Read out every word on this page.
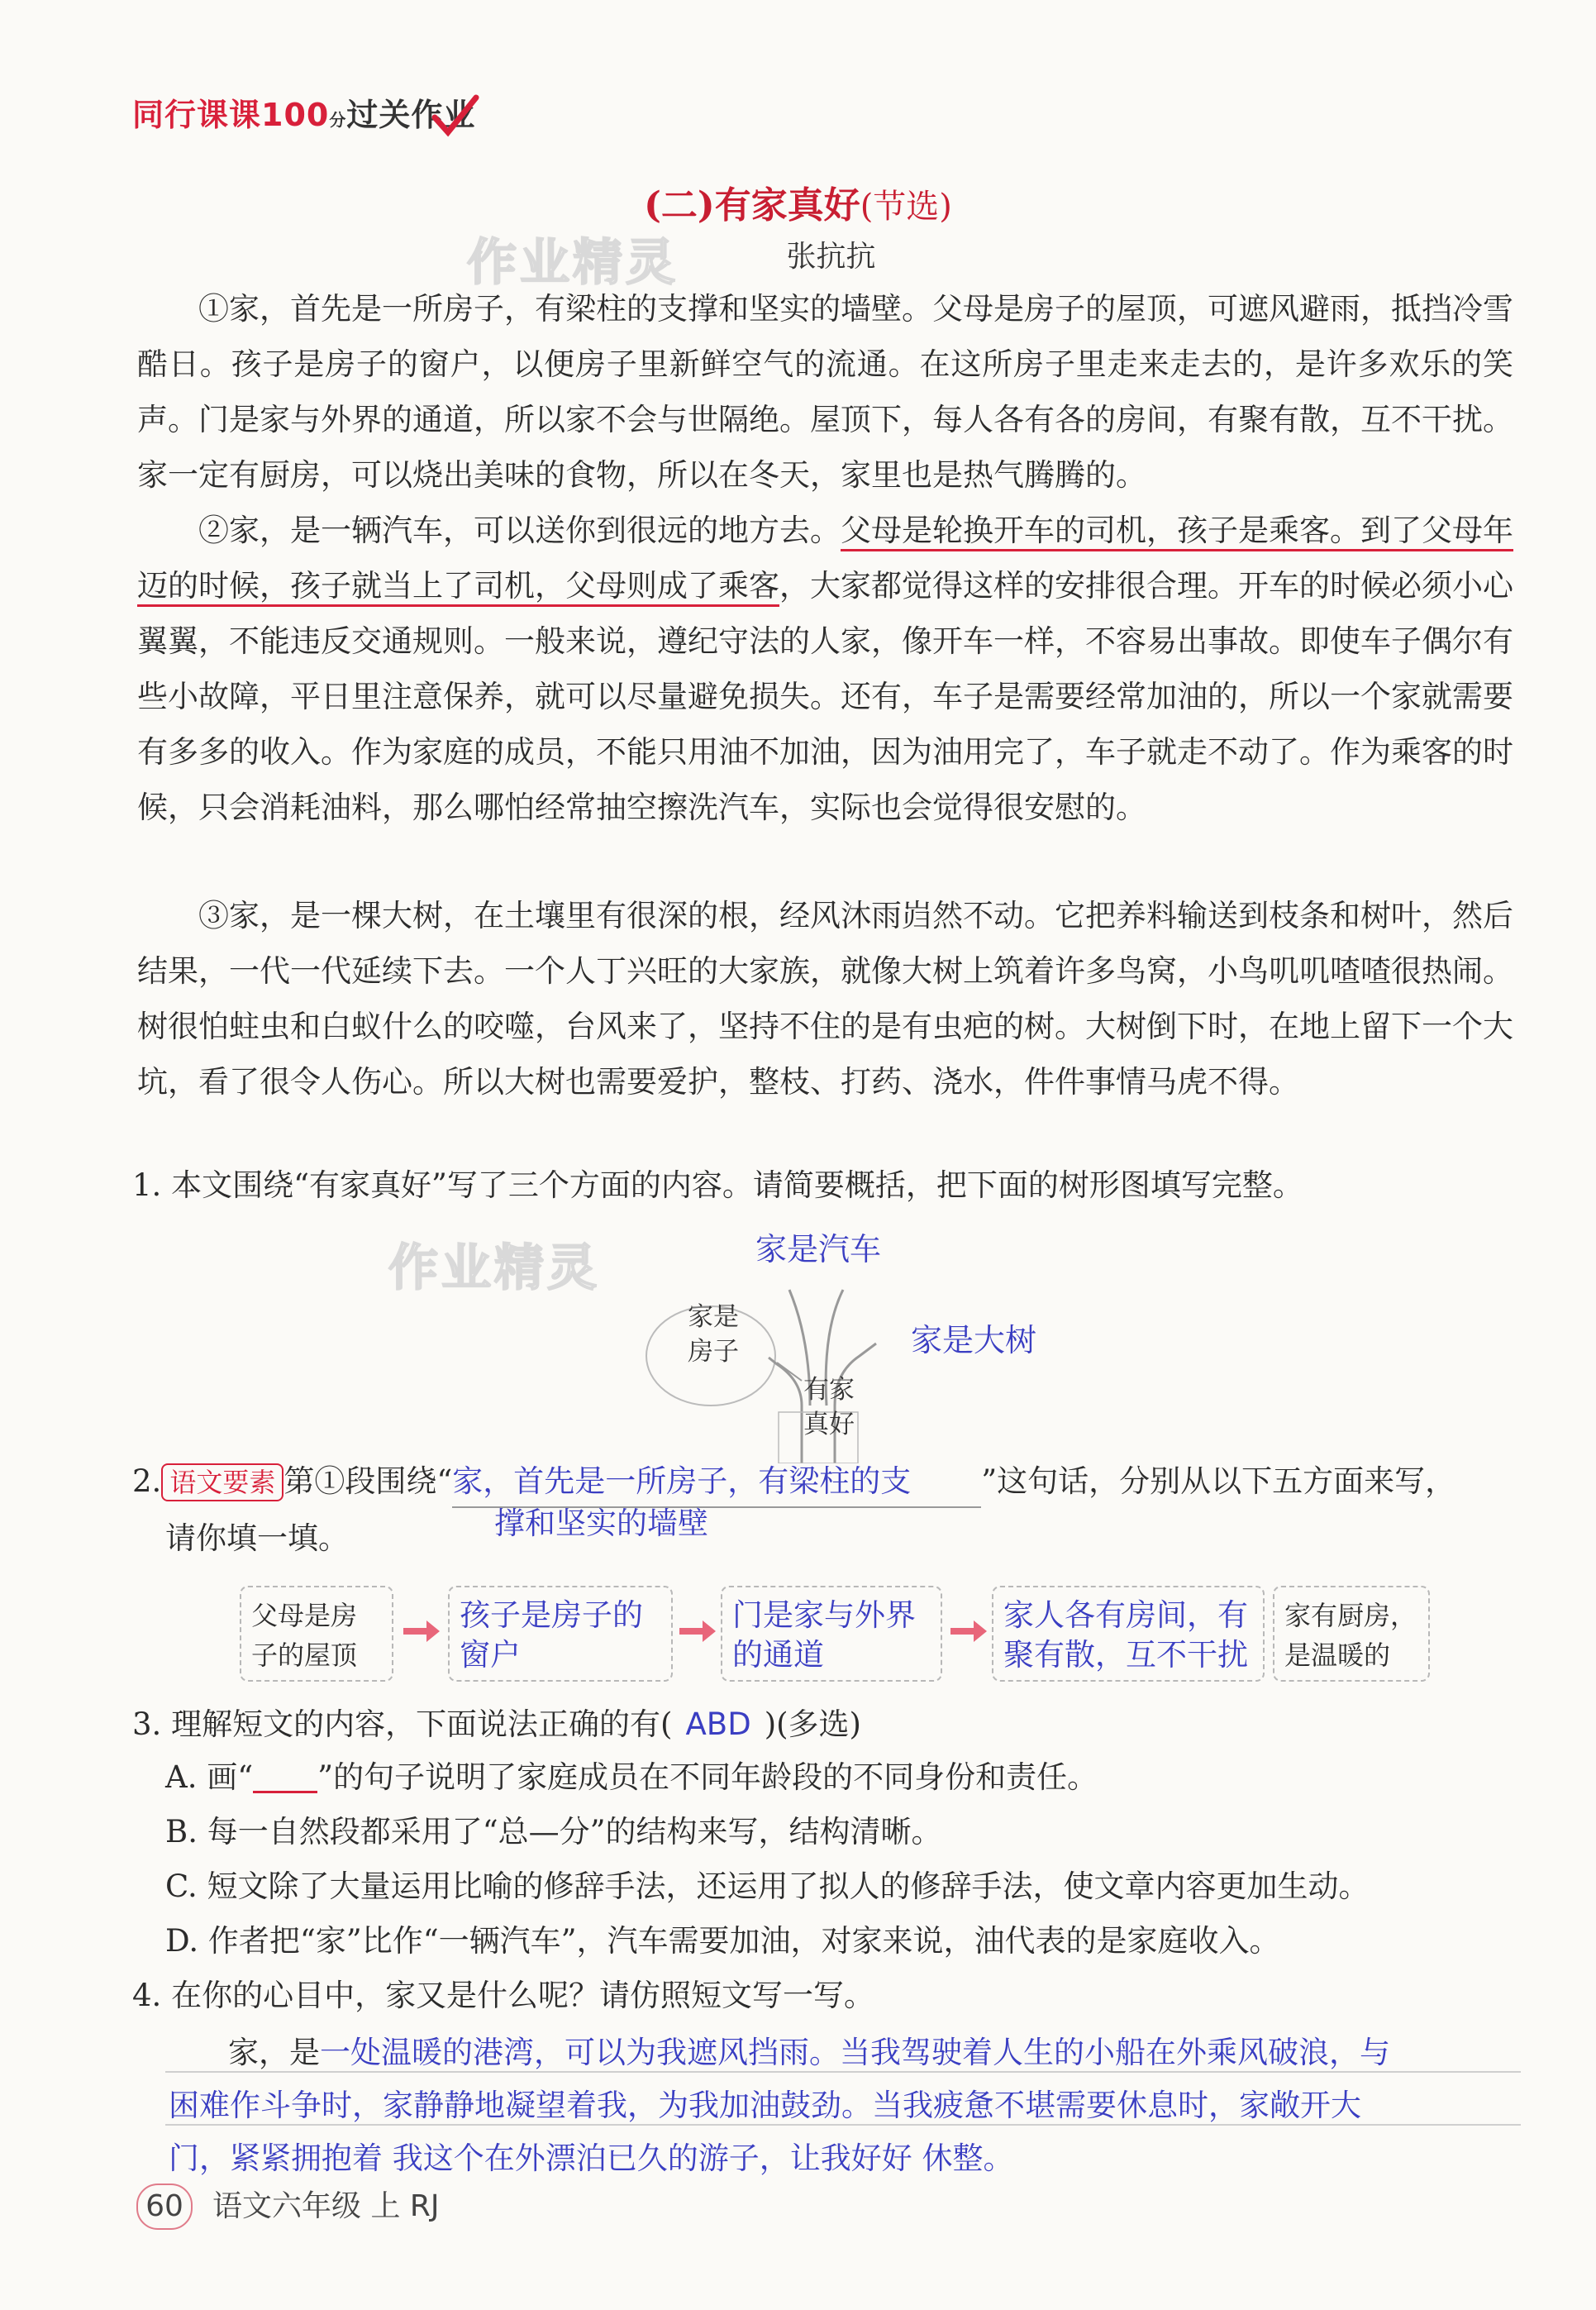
同行课课100分过关作业
(二)有家真好(节选)
作业精灵	张抗抗

①家，首先是一所房子，有梁柱的支撑和坚实的墙壁。父母是房子的屋顶，可遮风避雨，抵挡冷雪酷日。孩子是房子的窗户，以便房子里新鲜空气的流通。在这所房子里走来走去的，是许多欢乐的笑声。门是家与外界的通道，所以家不会与世隔绝。屋顶下，每人各有各的房间，有聚有散，互不干扰。家一定有厨房，可以烧出美味的食物，所以在冬天，家里也是热气腾腾的。

②家，是一辆汽车，可以送你到很远的地方去。父母是轮换开车的司机，孩子是乘客。到了父母年迈的时候，孩子就当上了司机，父母则成了乘客，大家都觉得这样的安排很合理。开车的时候必须小心翼翼，不能违反交通规则。一般来说，遵纪守法的人家，像开车一样，不容易出事故。即使车子偶尔有些小故障，平日里注意保养，就可以尽量避免损失。还有，车子是需要经常加油的，所以一个家就需要有多多的收入。作为家庭的成员，不能只用油不加油，因为油用完了，车子就走不动了。作为乘客的时候，只会消耗油料，那么哪怕经常抽空擦洗汽车，实际也会觉得很安慰的。

③家，是一棵大树，在土壤里有很深的根，经风沐雨岿然不动。它把养料输送到枝条和树叶，然后结果，一代一代延续下去。一个人丁兴旺的大家族，就像大树上筑着许多鸟窝，小鸟叽叽喳喳很热闹。树很怕蛀虫和白蚁什么的咬噬，台风来了，坚持不住的是有虫疤的树。大树倒下时，在地上留下一个大坑，看了很令人伤心。所以大树也需要爱护，整枝、打药、浇水，件件事情马虎不得。

1. 本文围绕“有家真好”写了三个方面的内容。请简要概括，把下面的树形图填写完整。
作业精灵	家是汽车
家是
房子	家是大树
有家
真好
2. 语文要素 第①段围绕“家，首先是一所房子，有梁柱的支 ”这句话，分别从以下五方面来写，
撑和坚实的墙壁
请你填一填。
父母是房
子的屋顶
孩子是房子的
窗户
门是家与外界
的通道
家人各有房间，有
聚有散，互不干扰
家有厨房，
是温暖的
3. 理解短文的内容，下面说法正确的有( ABD )(多选)
A. 画“ ”的句子说明了家庭成员在不同年龄段的不同身份和责任。
B. 每一自然段都采用了“总—分”的结构来写，结构清晰。
C. 短文除了大量运用比喻的修辞手法，还运用了拟人的修辞手法，使文章内容更加生动。
D. 作者把“家”比作“一辆汽车”，汽车需要加油，对家来说，油代表的是家庭收入。
4. 在你的心目中，家又是什么呢？请仿照短文写一写。
家，是一处温暖的港湾，可以为我遮风挡雨。当我驾驶着人生的小船在外乘风破浪，与
困难作斗争时，家静静地凝望着我，为我加油鼓劲。当我疲惫不堪需要休息时，家敞开大
门，紧紧拥抱着 我这个在外漂泊已久的游子，让我好好 休整。
60 语文六年级 上 RJ
